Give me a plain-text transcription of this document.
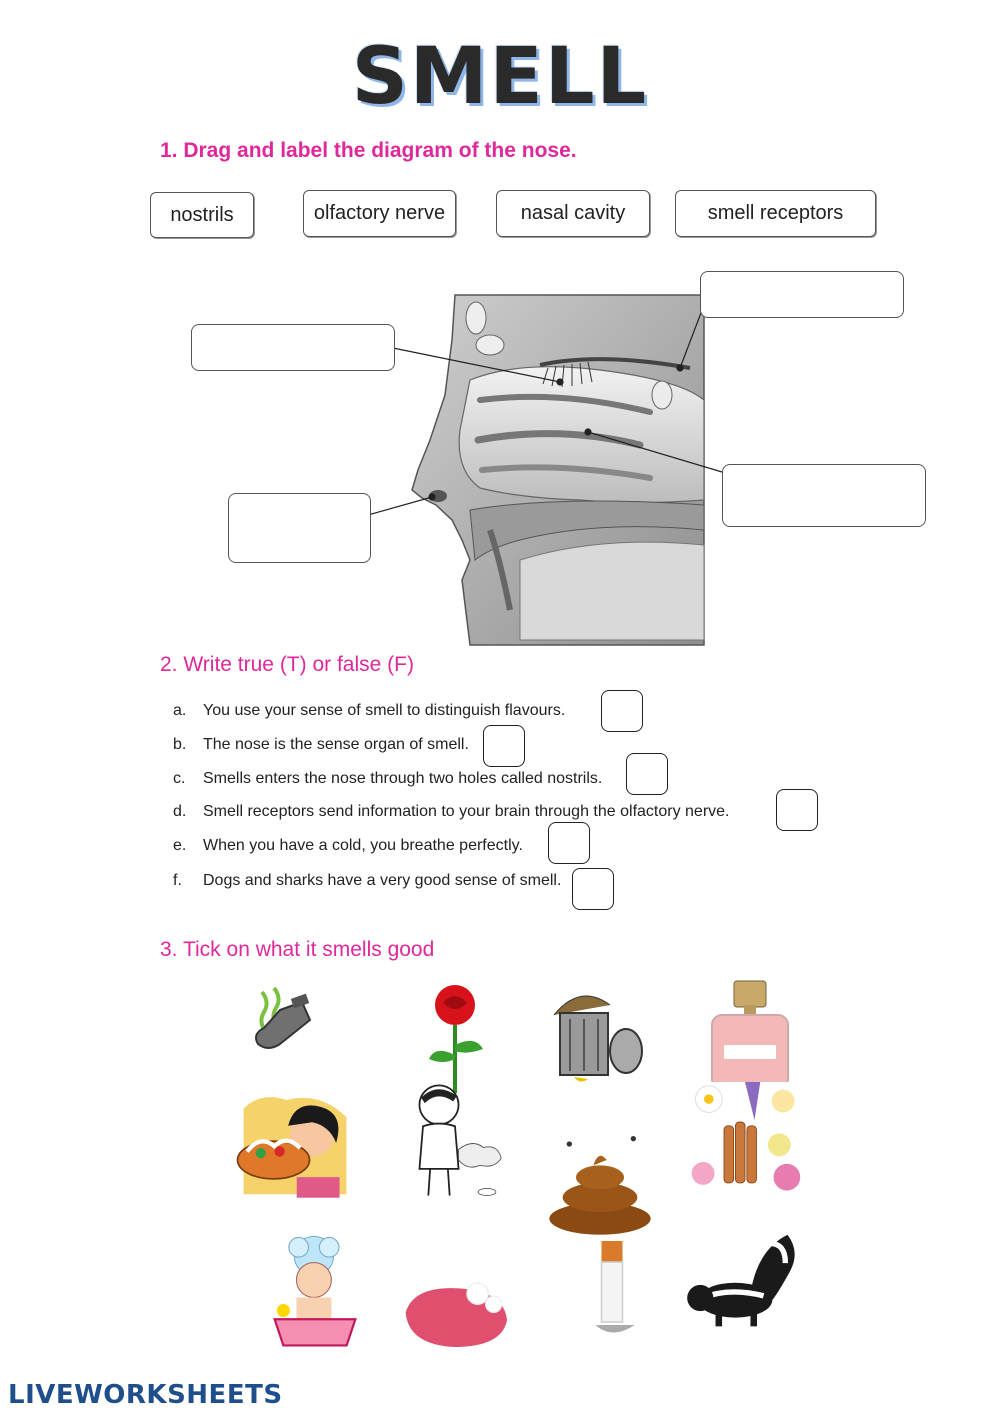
SMELL
1. Drag and label the diagram of the nose.
nostrils	olfactory nerve	nasal cavity	smell receptors
2. Write true (T) or false (F)
a. You use your sense of smell to distinguish flavours.
b. The nose is the sense organ of smell.
c. Smells enters the nose through two holes called nostrils.
d. Smell receptors send information to your brain through the olfactory nerve.
e. When you have a cold, you breathe perfectly.
f. Dogs and sharks have a very good sense of smell.
3. Tick on what it smells good
LIVEWORKSHEETS
